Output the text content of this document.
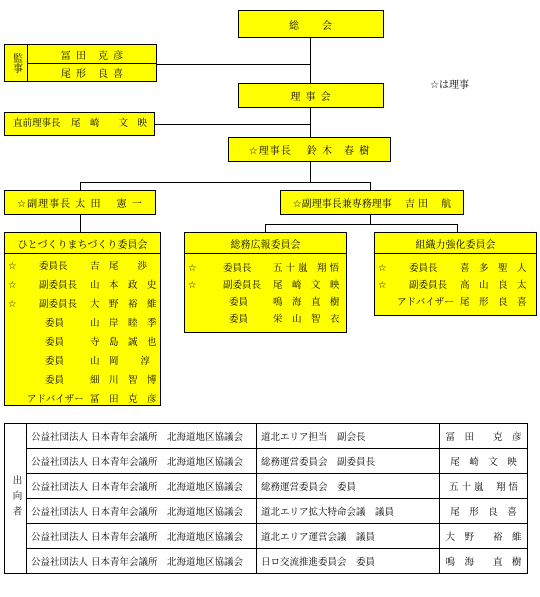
総　　会
監事	冨 田　克 彦
尾 形　良 喜
☆は理事
理 事 会
直前理事長 尾　崎　　文　映
☆理事長　 鈴 木　春 樹
☆副理事長 太 田　 憲 一	☆副理事長兼専務理事　 吉 田　 航
ひとづくりまちづくり委員会
☆ 委員長 吉　尾　　渉
☆ 副委員長 山　本　政　史
☆ 副委員長 大　野　裕　維
委員	山　岸　睦　季
委員	寺　島　誠　也
委員	山　岡　　 淳
委員	細　川　智　博
アドバイザー 冨　田　克　彦
総務広報委員会
☆	委員長 五 十 嵐　翔 悟
☆	副委員長 尾　崎　文　映
委員	鳴　海　直　樹
委員	栄　山　智　衣
組織力強化委員会
☆ 委員長 喜　多　聖　人
☆ 副委員長 高　山　良　太
アドバイザー 尾　形　良　喜
出向者	公益社団法人 日本青年会議所　北海道地区協議会	道北エリア担当　副会長	冨　田　　克　彦
	公益社団法人 日本青年会議所　北海道地区協議会	総務運営委員会　副委員長	尾　崎　文　映
	公益社団法人 日本青年会議所　北海道地区協議会	総務運営委員会　委員	五 十 嵐　 翔 悟
	公益社団法人 日本青年会議所　北海道地区協議会	道北エリア拡大特命会議　議員	尾　形　良　喜
	公益社団法人 日本青年会議所　北海道地区協議会	道北エリア運営会議　議員	大　野　　裕　維
	公益社団法人 日本青年会議所　北海道地区協議会	日ロ交流推進委員会　委員	鳴　海　　直　樹
